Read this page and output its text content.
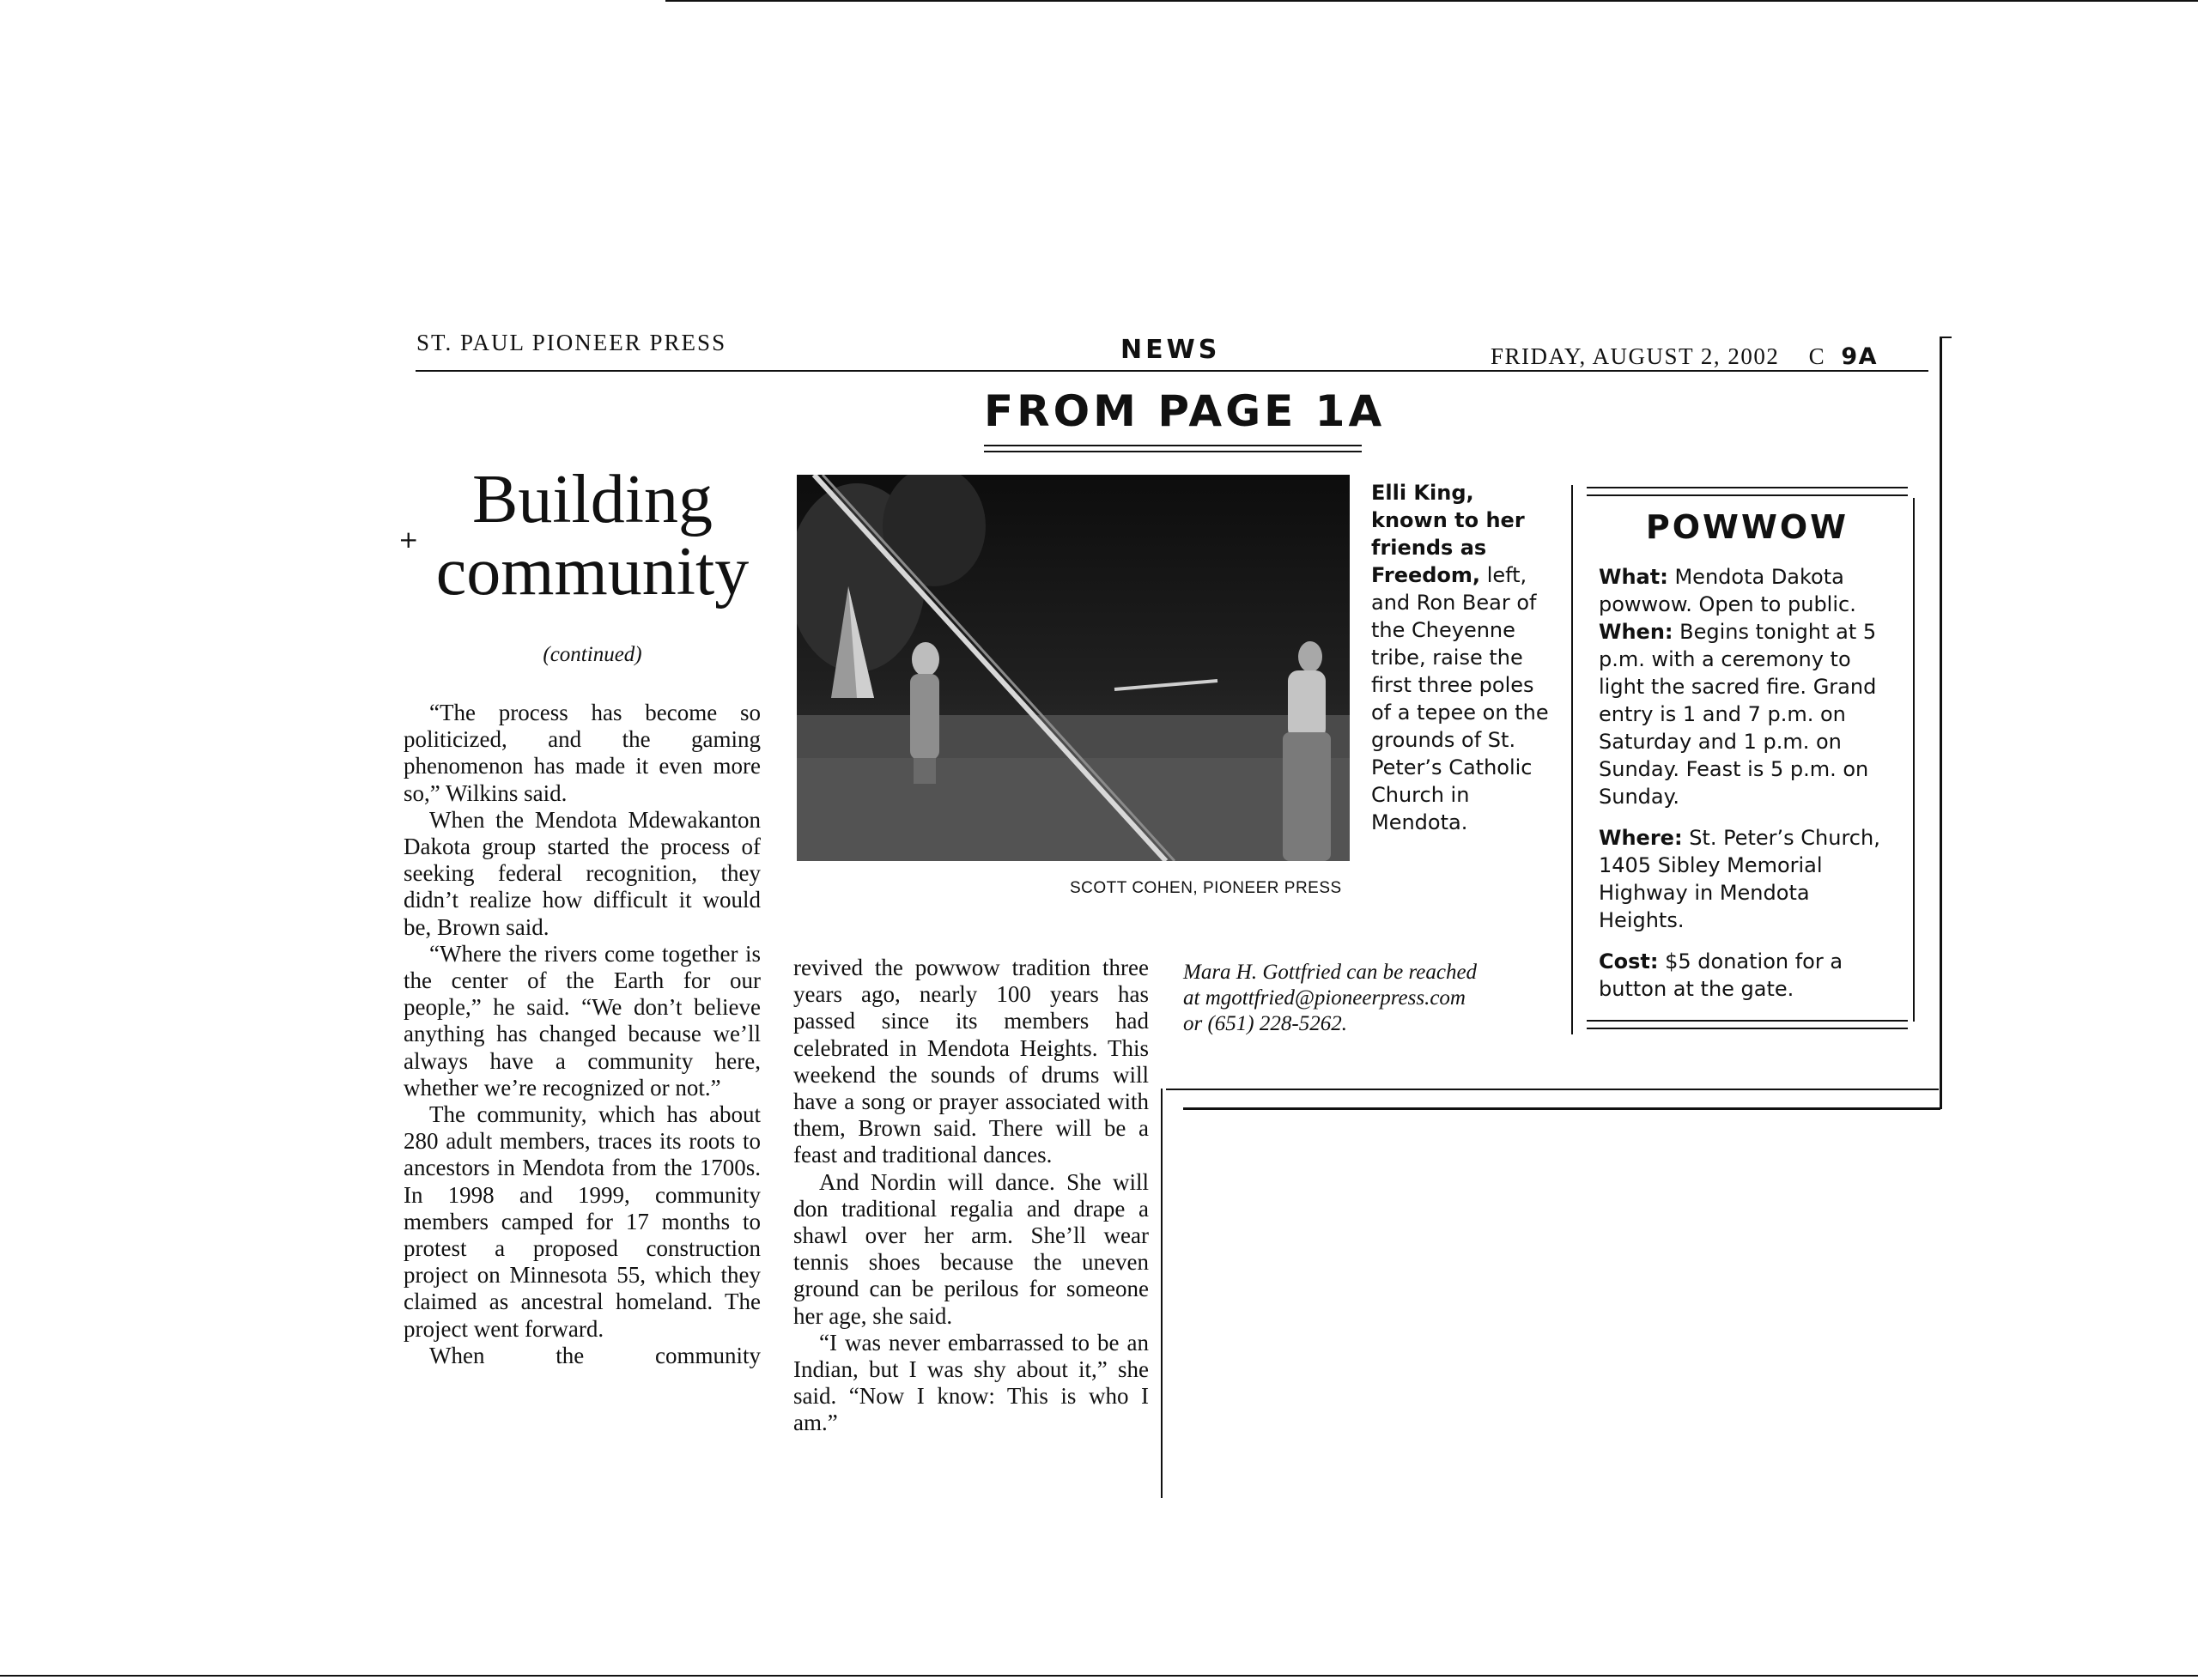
ST. PAUL PIONEER PRESS	NEWS	FRIDAY, AUGUST 2, 2002 C 9A
FROM PAGE 1A
+
Building
community
(continued)

“The process has become so politicized, and the gaming phenomenon has made it even more so,” Wilkins said.

When the Mendota Mdewakanton Dakota group started the process of seeking federal recognition, they didn’t realize how difficult it would be, Brown said.

“Where the rivers come together is the center of the Earth for our people,” he said. “We don’t believe anything has changed because we’ll always have a community here, whether we’re recognized or not.”

The community, which has about 280 adult members, traces its roots to ancestors in Mendota from the 1700s. In 1998 and 1999, community members camped for 17 months to protest a proposed construction project on Minnesota 55, which they claimed as ancestral homeland. The project went forward.

When the community

SCOTT COHEN, PIONEER PRESS
Elli King, known to her friends as Freedom, left, and Ron Bear of the Cheyenne tribe, raise the first three poles of a tepee on the grounds of St. Peter’s Catholic Church in Mendota.

revived the powwow tradition three years ago, nearly 100 years has passed since its members had celebrated in Mendota Heights. This weekend the sounds of drums will have a song or prayer associated with them, Brown said. There will be a feast and traditional dances.

And Nordin will dance. She will don traditional regalia and drape a shawl over her arm. She’ll wear tennis shoes because the uneven ground can be perilous for someone her age, she said.

“I was never embarrassed to be an Indian, but I was shy about it,” she said. “Now I know: This is who I am.”

Mara H. Gottfried can be reached
at mgottfried@pioneerpress.com
or (651) 228-5262.
POWWOW

What: Mendota Dakota powwow. Open to public.

When: Begins tonight at 5 p.m. with a ceremony to light the sacred fire. Grand entry is 1 and 7 p.m. on Saturday and 1 p.m. on Sunday. Feast is 5 p.m. on Sunday.

Where: St. Peter’s Church, 1405 Sibley Memorial Highway in Mendota Heights.

Cost: $5 donation for a button at the gate.
